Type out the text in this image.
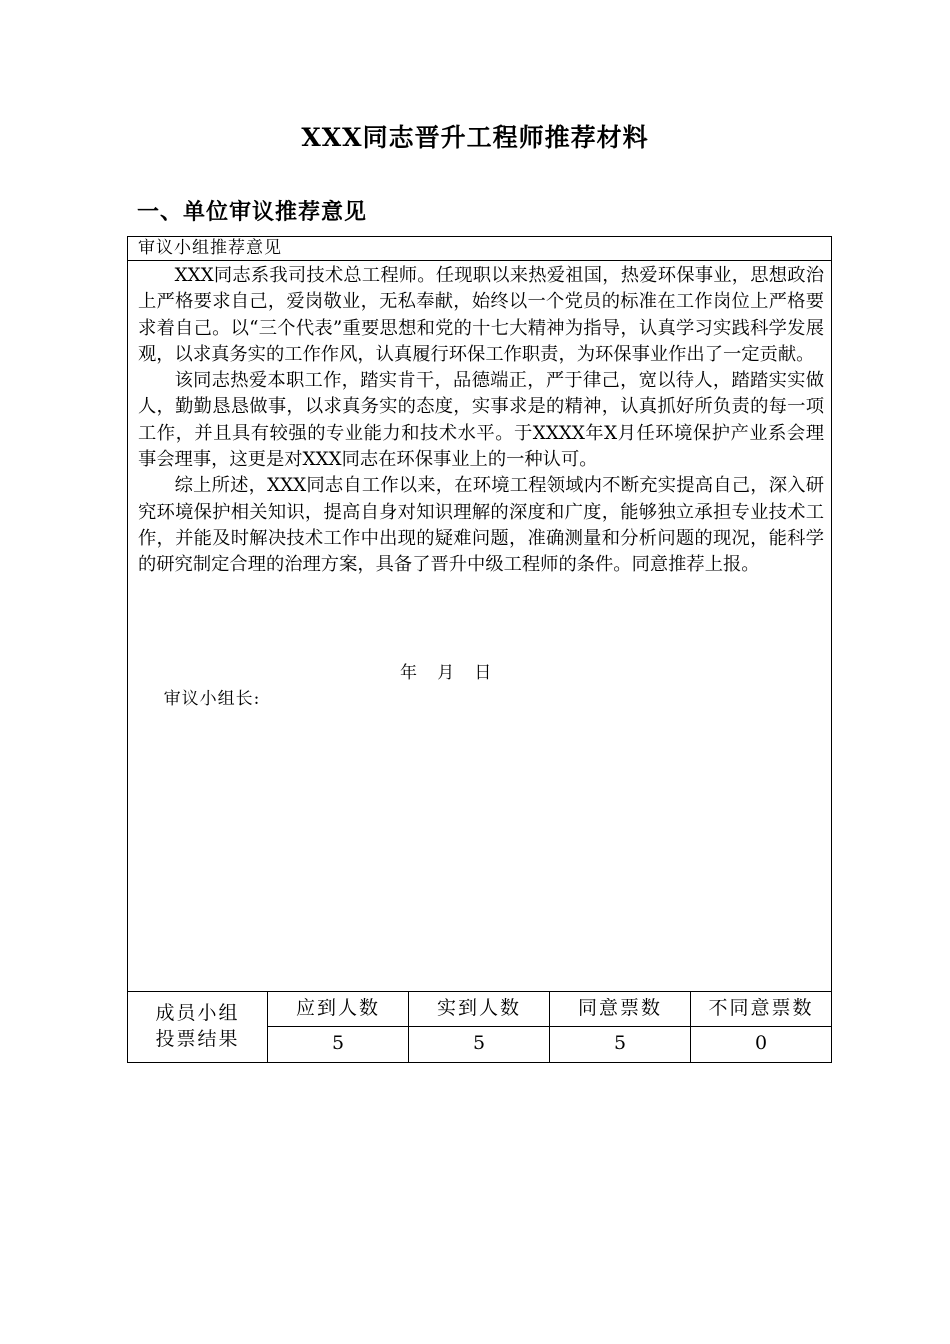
XXX同志晋升工程师推荐材料
一、单位审议推荐意见
审议小组推荐意见

XXX同志系我司技术总工程师。任现职以来热爱祖国，热爱环保事业，思想政治上严格要求自己，爱岗敬业，无私奉献，始终以一个党员的标准在工作岗位上严格要求着自己。以“三个代表”重要思想和党的十七大精神为指导，认真学习实践科学发展观，以求真务实的工作作风，认真履行环保工作职责，为环保事业作出了一定贡献。

该同志热爱本职工作，踏实肯干，品德端正，严于律己，宽以待人，踏踏实实做人，勤勤恳恳做事，以求真务实的态度，实事求是的精神，认真抓好所负责的每一项工作，并且具有较强的专业能力和技术水平。于XXXX年X月任环境保护产业系会理事会理事，这更是对XXX同志在环保事业上的一种认可。

综上所述，XXX同志自工作以来，在环境工程领域内不断充实提高自己，深入研究环境保护相关知识，提高自身对知识理解的深度和广度，能够独立承担专业技术工作，并能及时解决技术工作中出现的疑难问题，准确测量和分析问题的现况，能科学的研究制定合理的治理方案，具备了晋升中级工程师的条件。同意推荐上报。

审议小组长:

年   月   日

成员小组
投票结果
应到人数	实到人数	同意票数	不同意票数
5	5	5	0
